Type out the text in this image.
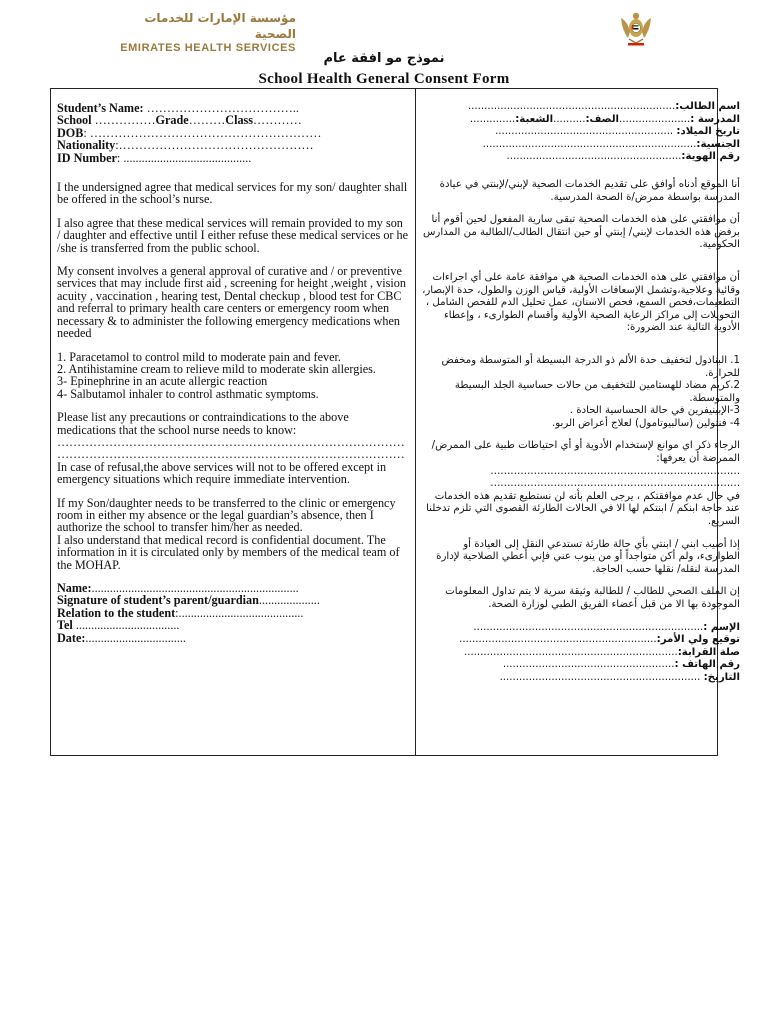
مؤسسة الإمارات للخدمات الصحية
EMIRATES HEALTH SERVICES
نموذج مو افقة عام
School Health General Consent Form
Student’s Name: ………………………………..
School ……………Grade………Class…………
DOB: …………………………………………………
Nationality:…………………………………………
ID Number: ..........................................

I the undersigned agree that medical services for my son/ daughter shall be offered in the school’s nurse.

I also agree that these medical services will remain provided to my son / daughter and effective until I either refuse these medical services or he /she is transferred from the public school.

My consent involves a general approval of curative and / or preventive services that may include first aid , screening for height ,weight , vision acuity , vaccination , hearing test, Dental checkup , blood test for CBC and referral to primary health care centers or emergency room when necessary & to administer the following emergency medications when needed

1. Paracetamol to control mild to moderate pain and fever.

2. Antihistamine cream to relieve mild to moderate skin allergies.

3- Epinephrine in an acute allergic reaction

4- Salbutamol inhaler to control asthmatic symptoms.

Please list any precautions or contraindications to the above medications that the school nurse needs to know:

……………………………………………………………………………
……………………………………………………………………………

In case of refusal,the above services will not to be offered except in emergency situations which require immediate intervention.

If my Son/daughter needs to be transferred to the clinic or emergency room in either my absence or the legal guardian’s absence, then I authorize the school to transfer him/her as needed.

I also understand that medical record is confidential document. The information in it is circulated only by members of the medical team of the MOHAP.

Name:....................................................................
Signature of student’s parent/guardian....................
Relation to the student:.........................................
Tel ..................................
Date:.................................
اسم الطالب:................................................................
المدرسة :......................الصف:..........الشعبة:..............
تاريخ الميلاد: .......................................................
الجنسية:..................................................................
رقم الهوية:......................................................

أنا الموقع أدناه أوافق على تقديم الخدمات الصحية لإبني/لإبنتي في عيادة المدرسة بواسطة ممرض/ة الصحة المدرسية.

أن موافقتي على هذه الخدمات الصحية تبقى سارية المفعول لحين أقوم أنا برفض هذه الخدمات لإبني/ إبنتي أو حين انتقال الطالب/الطالبة من المدارس الحكومية.

أن موافقتي على هذه الخدمات الصحية هي موافقة عامة على أي اجراءات وقائية وعلاجية،وتشمل الإسعافات الأولية، قياس الوزن والطول، حدة الإبصار، التطعيمات،فحص السمع، فحص الاسنان، عمل تحليل الدم للفحص الشامل ، التحويلات إلى مراكز الرعاية الصحية الأولية وأقسام الطوارىء ، وإعطاء الأدوية التالية عند الضرورة:

1. البنادول لتخفيف حدة الألم ذو الدرجة البسيطة أو المتوسطة ومخفض للحرارة.

2.كريم مضاد للهستامين للتخفيف من حالات حساسية الجلد البسيطة والمتوسطة.

3-الإبينيفرين في حالة الحساسية الحادة .

4- فنتولين (سالبيوتامول) لعلاج أعراض الربو.

الرجاء ذكر اي موانع لإستخدام الأدوية أو أي احتياطات طبية على الممرض/ الممرضة أن يعرفها:

…………………………………………………………………
…………………………………………………………………

في حال عدم موافقتكم ، يرجى العلم بأنه لن نستطيع تقديم هذه الخدمات عند حاجة ابنكم / ابنتكم لها الا في الحالات الطارئة القصوى التي تلزم تدخلنا السريع.

إذا أصيب ابني / ابنتي بأي حالة طارئة تستدعي النقل إلى العيادة أو الطوارىء، ولم أكن متواجداً أو من ينوب عني فإني أعطي الصلاحية لإدارة المدرسة لنقله/ نقلها حسب الحاجة.

إن الملف الصحي للطالب / للطالبة وثيقة سرية لا يتم تداول المعلومات الموجودة بها الا من قبل أعضاء الفريق الطبي لوزارة الصحة.

الإسم :.......................................................................
توقيع ولي الأمر:.............................................................
صلة القرابة:..................................................................
رقم الهاتف :.....................................................
التاريخ: ..............................................................
